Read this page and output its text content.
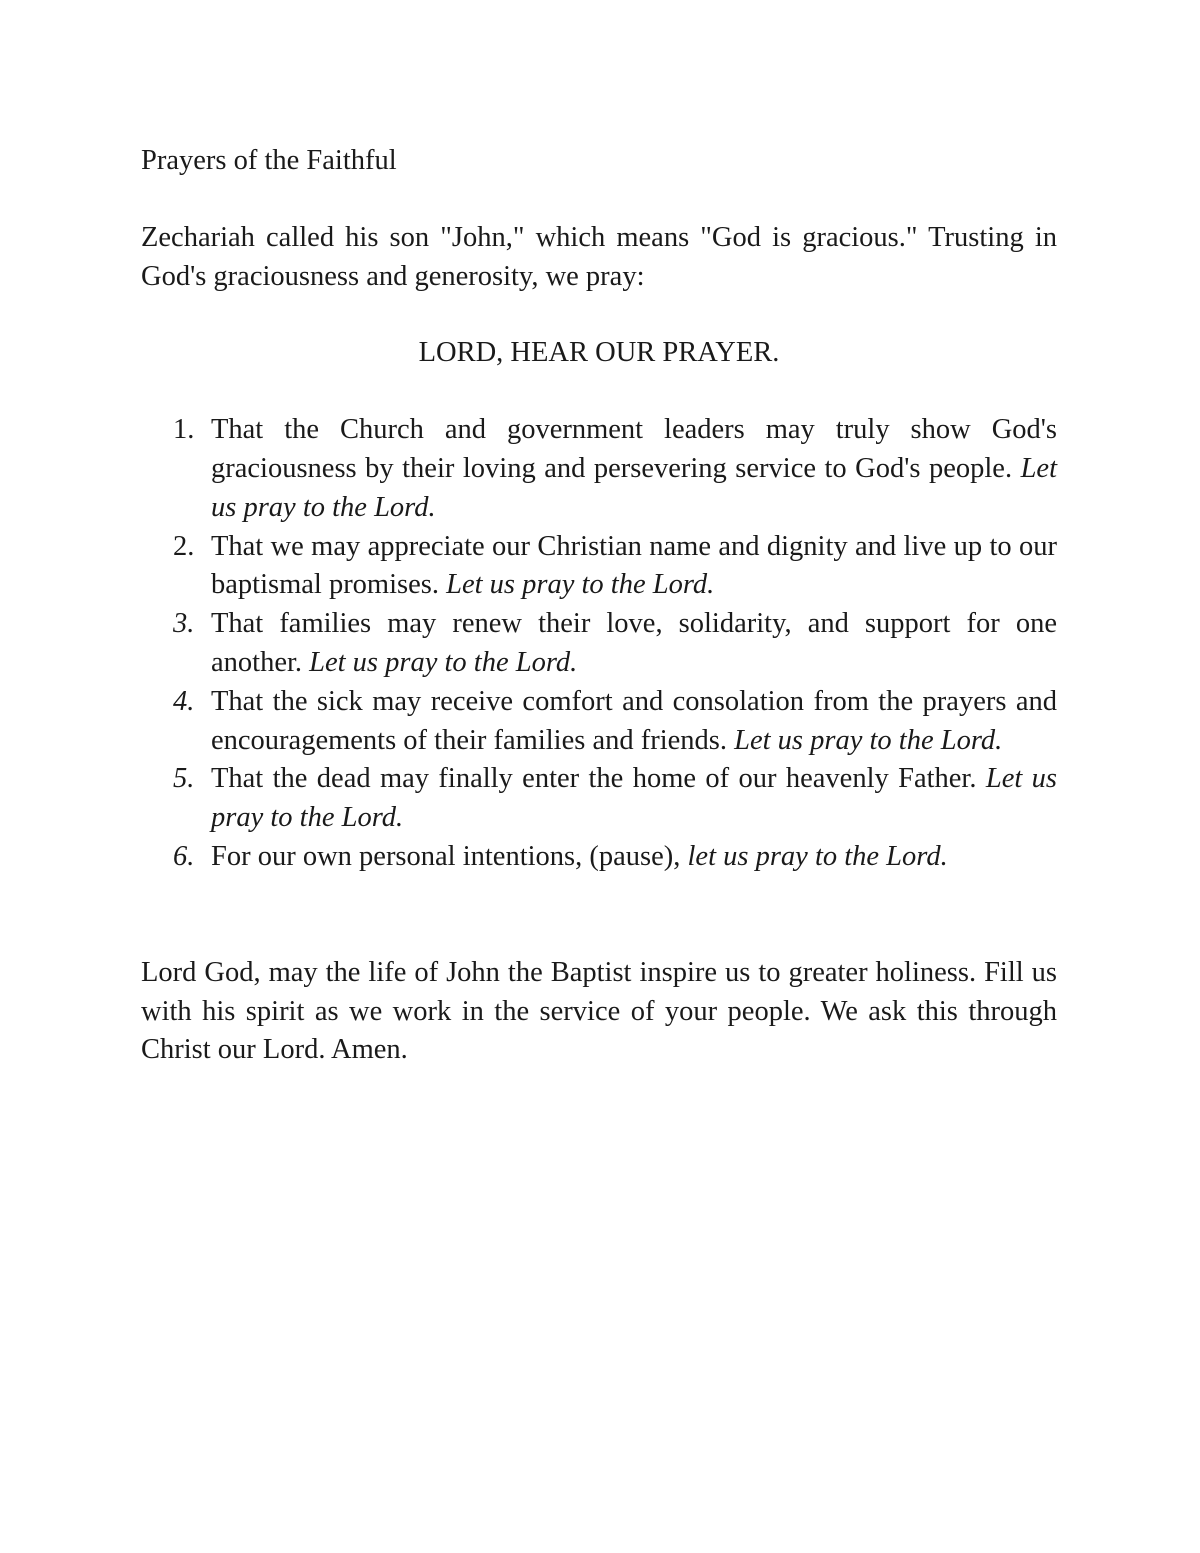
Prayers of the Faithful

Zechariah called his son "John," which means "God is gracious." Trusting in God's graciousness and generosity, we pray:

LORD, HEAR OUR PRAYER.

1. That the Church and government leaders may truly show God's graciousness by their loving and persevering service to God's people. Let us pray to the Lord.
2. That we may appreciate our Christian name and dignity and live up to our baptismal promises. Let us pray to the Lord.
3. That families may renew their love, solidarity, and support for one another. Let us pray to the Lord.
4. That the sick may receive comfort and consolation from the prayers and encouragements of their families and friends. Let us pray to the Lord.
5. That the dead may finally enter the home of our heavenly Father. Let us pray to the Lord.
6. For our own personal intentions, (pause), let us pray to the Lord.

Lord God, may the life of John the Baptist inspire us to greater holiness. Fill us with his spirit as we work in the service of your people. We ask this through Christ our Lord. Amen.
